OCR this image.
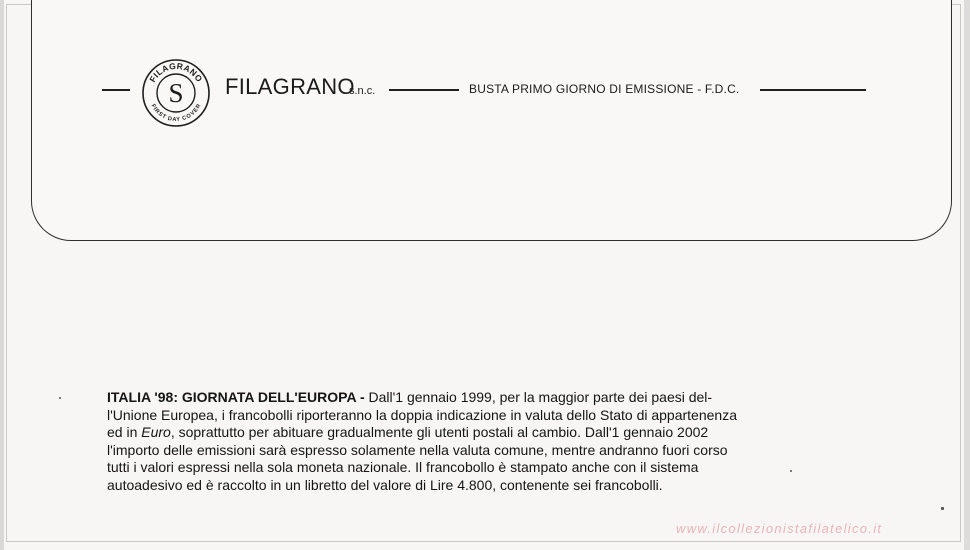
FILAGRANO
FIRST DAY COVER
S FILAGRANO
s.n.c.	BUSTA PRIMO GIORNO DI EMISSIONE - F.D.C.
ITALIA '98: GIORNATA DELL'EUROPA - Dall'1 gennaio 1999, per la maggior parte dei paesi del-
l'Unione Europea, i francobolli riporteranno la doppia indicazione in valuta dello Stato di appartenenza
ed in Euro, soprattutto per abituare gradualmente gli utenti postali al cambio. Dall'1 gennaio 2002
l'importo delle emissioni sarà espresso solamente nella valuta comune, mentre andranno fuori corso
tutti i valori espressi nella sola moneta nazionale. Il francobollo è stampato anche con il sistema
autoadesivo ed è raccolto in un libretto del valore di Lire 4.800, contenente sei francobolli.
www.ilcollezionistafilatelico.it
